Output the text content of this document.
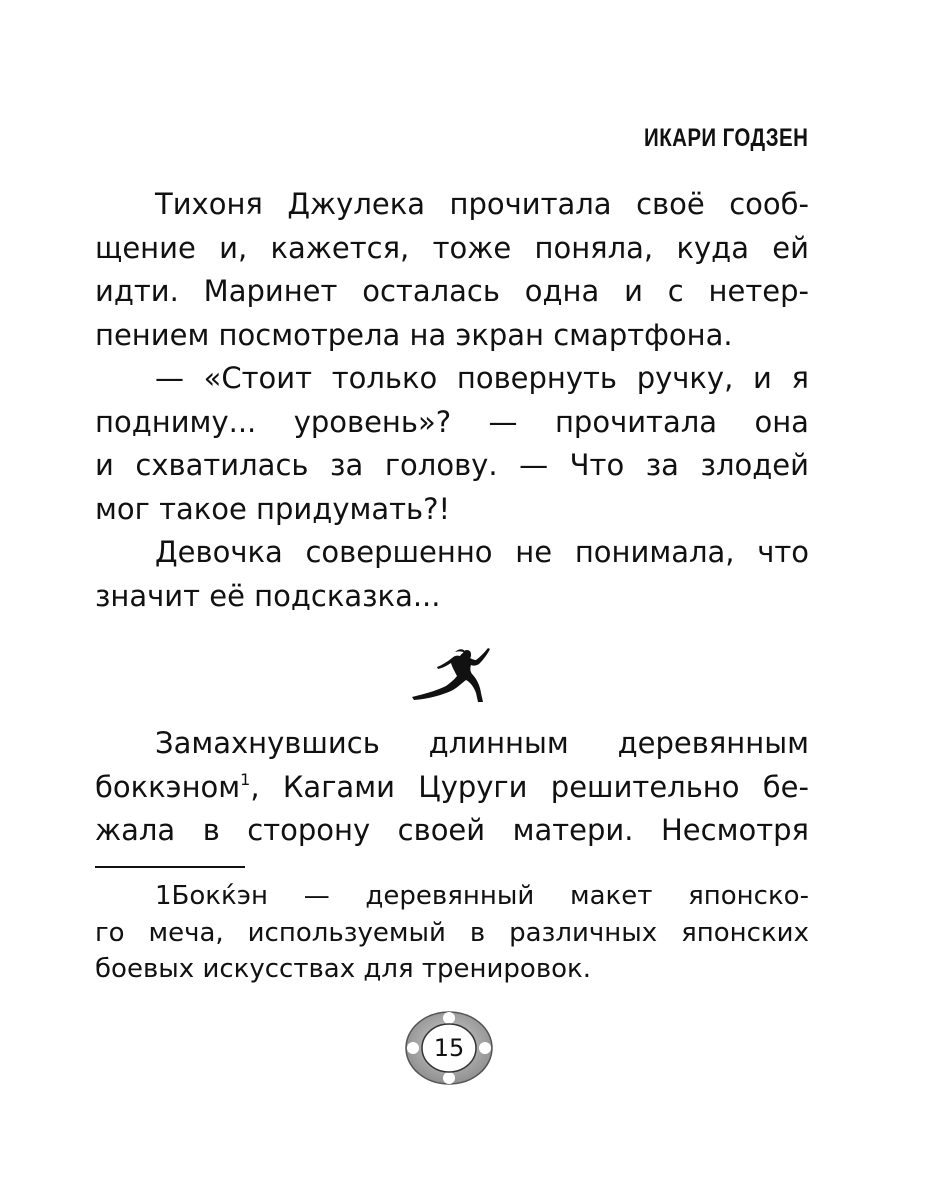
ИКАРИ ГОДЗЕН
Тихоня Джулека прочитала своё сооб-
щение и, кажется, тоже поняла, куда ей
идти. Маринет осталась одна и с нетер-
пением посмотрела на экран смартфона.
— «Стоит только повернуть ручку, и я
подниму... уровень»? — прочитала она
и схватилась за голову. — Что за злодей
мог такое придумать?!
Девочка совершенно не понимала, что
значит её подсказка...
Замахнувшись длинным деревянным
боккэном$^1$, Кагами Цуруги решительно бе-
жала в сторону своей матери. Несмотря
1Бокќэн — деревянный макет японско-
го меча, используемый в различных японских
боевых искусствах для тренировок.
15
